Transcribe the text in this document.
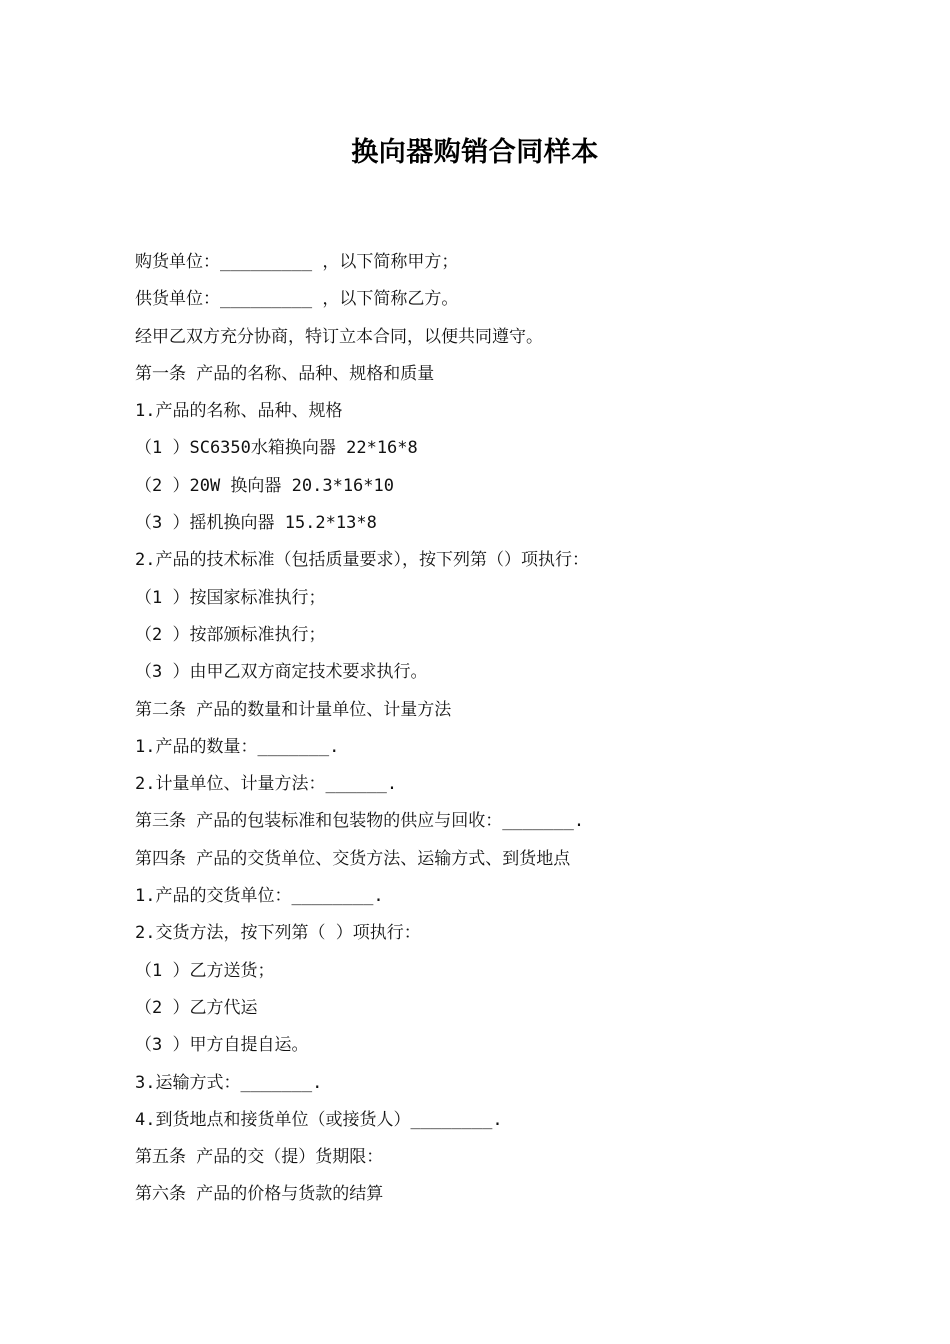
换向器购销合同样本
购货单位：_________ ，以下简称甲方；
供货单位：_________ ，以下简称乙方。
经甲乙双方充分协商，特订立本合同，以便共同遵守。
第一条 产品的名称、品种、规格和质量
1.产品的名称、品种、规格
（1 ）SC6350水箱换向器 22*16*8
（2 ）20W 换向器 20.3*16*10
（3 ）摇机换向器 15.2*13*8
2.产品的技术标准（包括质量要求），按下列第（）项执行：
（1 ）按国家标准执行；
（2 ）按部颁标准执行；
（3 ）由甲乙双方商定技术要求执行。
第二条 产品的数量和计量单位、计量方法
1.产品的数量：_______.
2.计量单位、计量方法：______.
第三条 产品的包装标准和包装物的供应与回收：_______.
第四条 产品的交货单位、交货方法、运输方式、到货地点
1.产品的交货单位：________.
2.交货方法，按下列第（ ）项执行：
（1 ）乙方送货；
（2 ）乙方代运
（3 ）甲方自提自运。
3.运输方式：_______.
4.到货地点和接货单位（或接货人）________.
第五条 产品的交（提）货期限：
第六条 产品的价格与货款的结算
